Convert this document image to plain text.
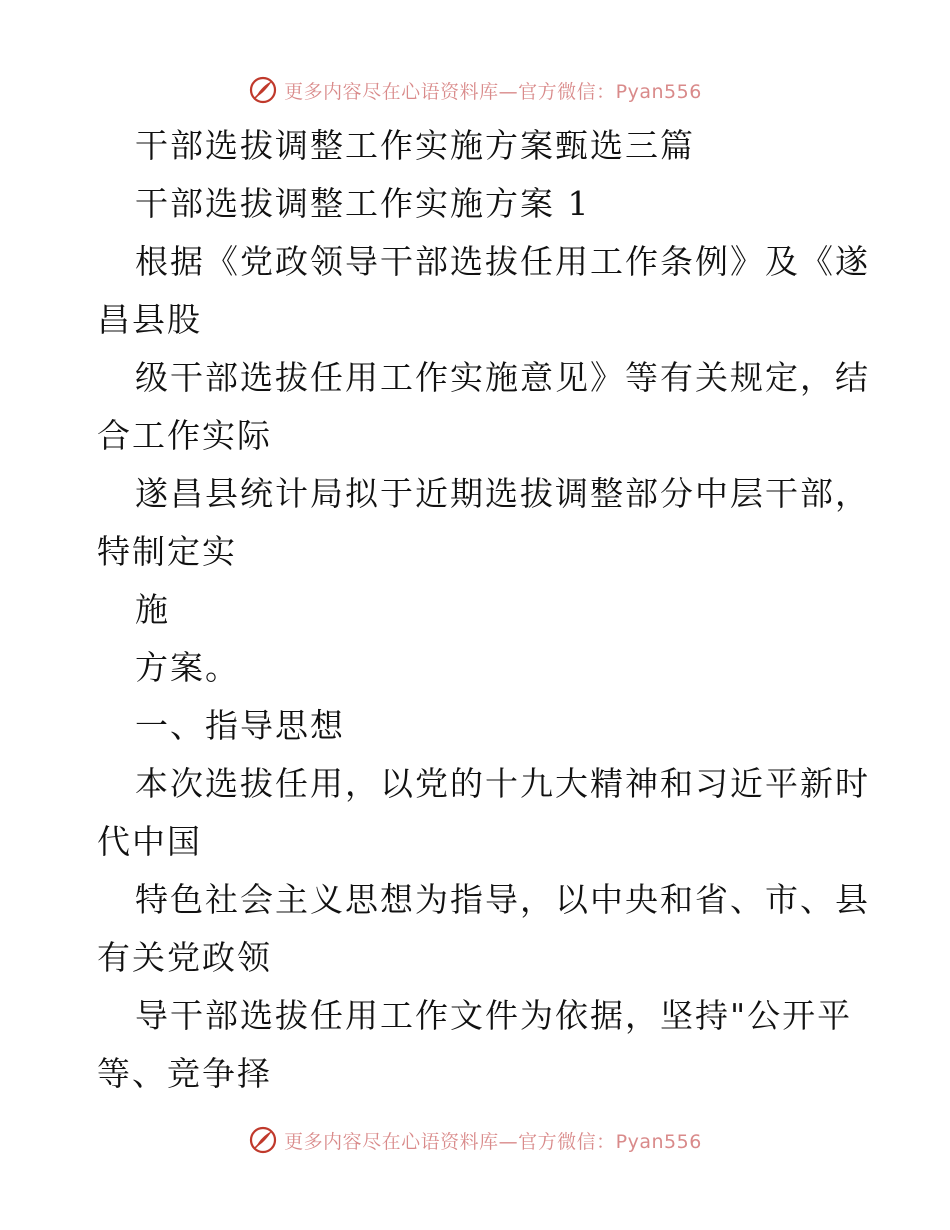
更多内容尽在心语资料库—官方微信：Pyan556
干部选拔调整工作实施方案甄选三篇
干部选拔调整工作实施方案 1
根据《党政领导干部选拔任用工作条例》及《遂
昌县股
级干部选拔任用工作实施意见》等有关规定，结
合工作实际
遂昌县统计局拟于近期选拔调整部分中层干部，
特制定实
施
方案。
一、指导思想
本次选拔任用，以党的十九大精神和习近平新时
代中国
特色社会主义思想为指导，以中央和省、市、县
有关党政领
导干部选拔任用工作文件为依据，坚持"公开平
等、竞争择
更多内容尽在心语资料库—官方微信：Pyan556
